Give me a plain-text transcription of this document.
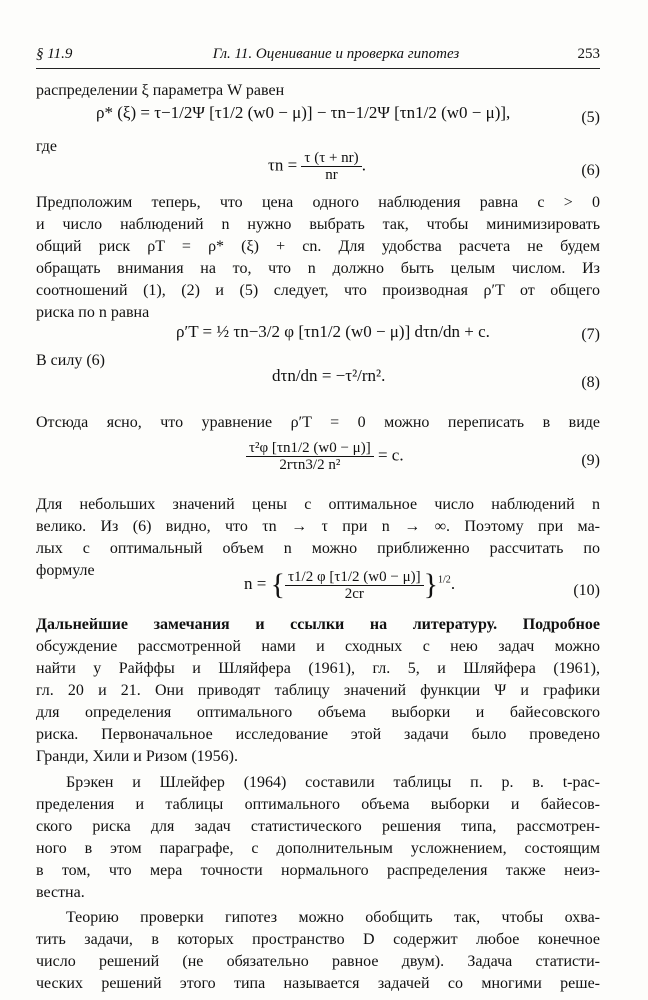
§ 11.9	Гл. 11. Оценивание и проверка гипотез	253
распределении ξ параметра W равен
ρ* (ξ) = τ−1/2Ψ [τ1/2 (w0 − μ)] − τn−1/2Ψ [τn1/2 (w0 − μ)],	(5)
где
$\tau n = \frac{\tau (\tau + nr)}{nr}$ .	(6)
Предположим теперь, что цена одного наблюдения равна c > 0
и число наблюдений n нужно выбрать так, чтобы минимизировать
общий риск ρT = ρ* (ξ) + cn. Для удобства расчета не будем
обращать внимания на то, что n должно быть целым числом. Из
соотношений (1), (2) и (5) следует, что производная ρ′T от общего
риска по n равна
ρ′T = ½ τn−3/2 φ [τn1/2 (w0 − μ)] dτn/dn + c.	(7)
В силу (6)
dτn/dn = −τ²/rn².	(8)
Отсюда ясно, что уравнение ρ′T = 0 можно переписать в виде
$\frac{\text{τ²φ [τn1/2 (w0 − μ)]}}{\text{2rτn3/2 n²}} = c$.	(9)
Для небольших значений цены c оптимальное число наблюдений n
велико. Из (6) видно, что τn → τ при n → ∞. Поэтому при ма-
лых c оптимальный объем n можно приближенно рассчитать по
формуле
n = { $\frac{\tau 1/2 \varphi [\tau 1/2 (w0 - \mu)]}{2cr} \}^{1/2}$.	(10)
Дальнейшие замечания и ссылки на литературу. Подробное
обсуждение рассмотренной нами и сходных с нею задач можно
найти у Райффы и Шляйфера (1961), гл. 5, и Шляйфера (1961),
гл. 20 и 21. Они приводят таблицу значений функции Ψ и графики
для определения оптимального объема выборки и байесовского
риска. Первоначальное исследование этой задачи было проведено
Гранди, Хили и Ризом (1956).
Брэкен и Шлейфер (1964) составили таблицы п. р. в. t-рас-
пределения и таблицы оптимального объема выборки и байесов-
ского риска для задач статистического решения типа, рассмотрен-
ного в этом параграфе, с дополнительным усложнением, состоящим
в том, что мера точности нормального распределения также неиз-
вестна.
Теорию проверки гипотез можно обобщить так, чтобы охва-
тить задачи, в которых пространство D содержит любое конечное
число решений (не обязательно равное двум). Задача статисти-
ческих решений этого типа называется задачей со многими реше-
